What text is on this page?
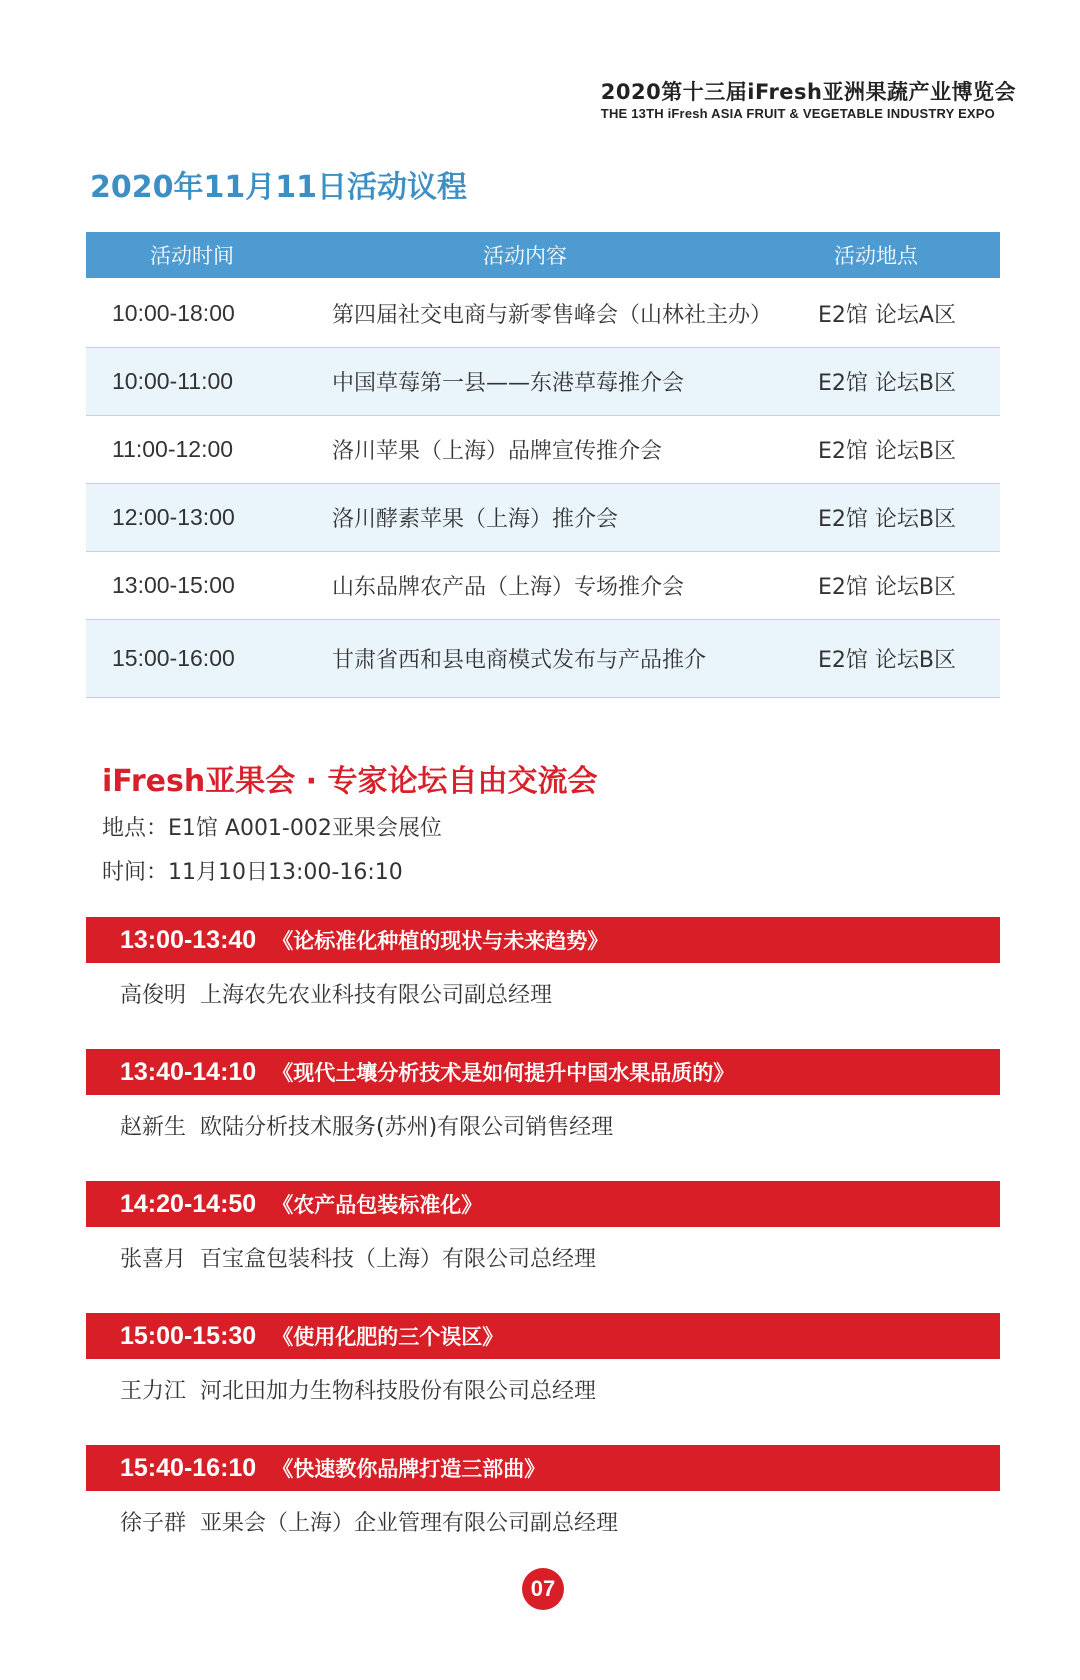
2020第十三届iFresh亚洲果蔬产业博览会
THE 13TH iFresh ASIA FRUIT & VEGETABLE INDUSTRY EXPO
2020年11月11日活动议程
活动时间	活动内容	活动地点
10:00-18:00	第四届社交电商与新零售峰会（山林社主办）	E2馆 论坛A区
10:00-11:00	中国草莓第一县——东港草莓推介会	E2馆 论坛B区
11:00-12:00	洛川苹果（上海）品牌宣传推介会	E2馆 论坛B区
12:00-13:00	洛川酵素苹果（上海）推介会	E2馆 论坛B区
13:00-15:00	山东品牌农产品（上海）专场推介会	E2馆 论坛B区
15:00-16:00	甘肃省西和县电商模式发布与产品推介	E2馆 论坛B区
iFresh亚果会 · 专家论坛自由交流会
地点：E1馆 A001-002亚果会展位
时间：11月10日13:00-16:10
13:00-13:40 《论标准化种植的现状与未来趋势》
高俊明 上海农先农业科技有限公司副总经理
13:40-14:10 《现代土壤分析技术是如何提升中国水果品质的》
赵新生 欧陆分析技术服务(苏州)有限公司销售经理
14:20-14:50 《农产品包装标准化》
张喜月 百宝盒包装科技（上海）有限公司总经理
15:00-15:30 《使用化肥的三个误区》
王力江 河北田加力生物科技股份有限公司总经理
15:40-16:10 《快速教你品牌打造三部曲》
徐子群 亚果会（上海）企业管理有限公司副总经理
07
